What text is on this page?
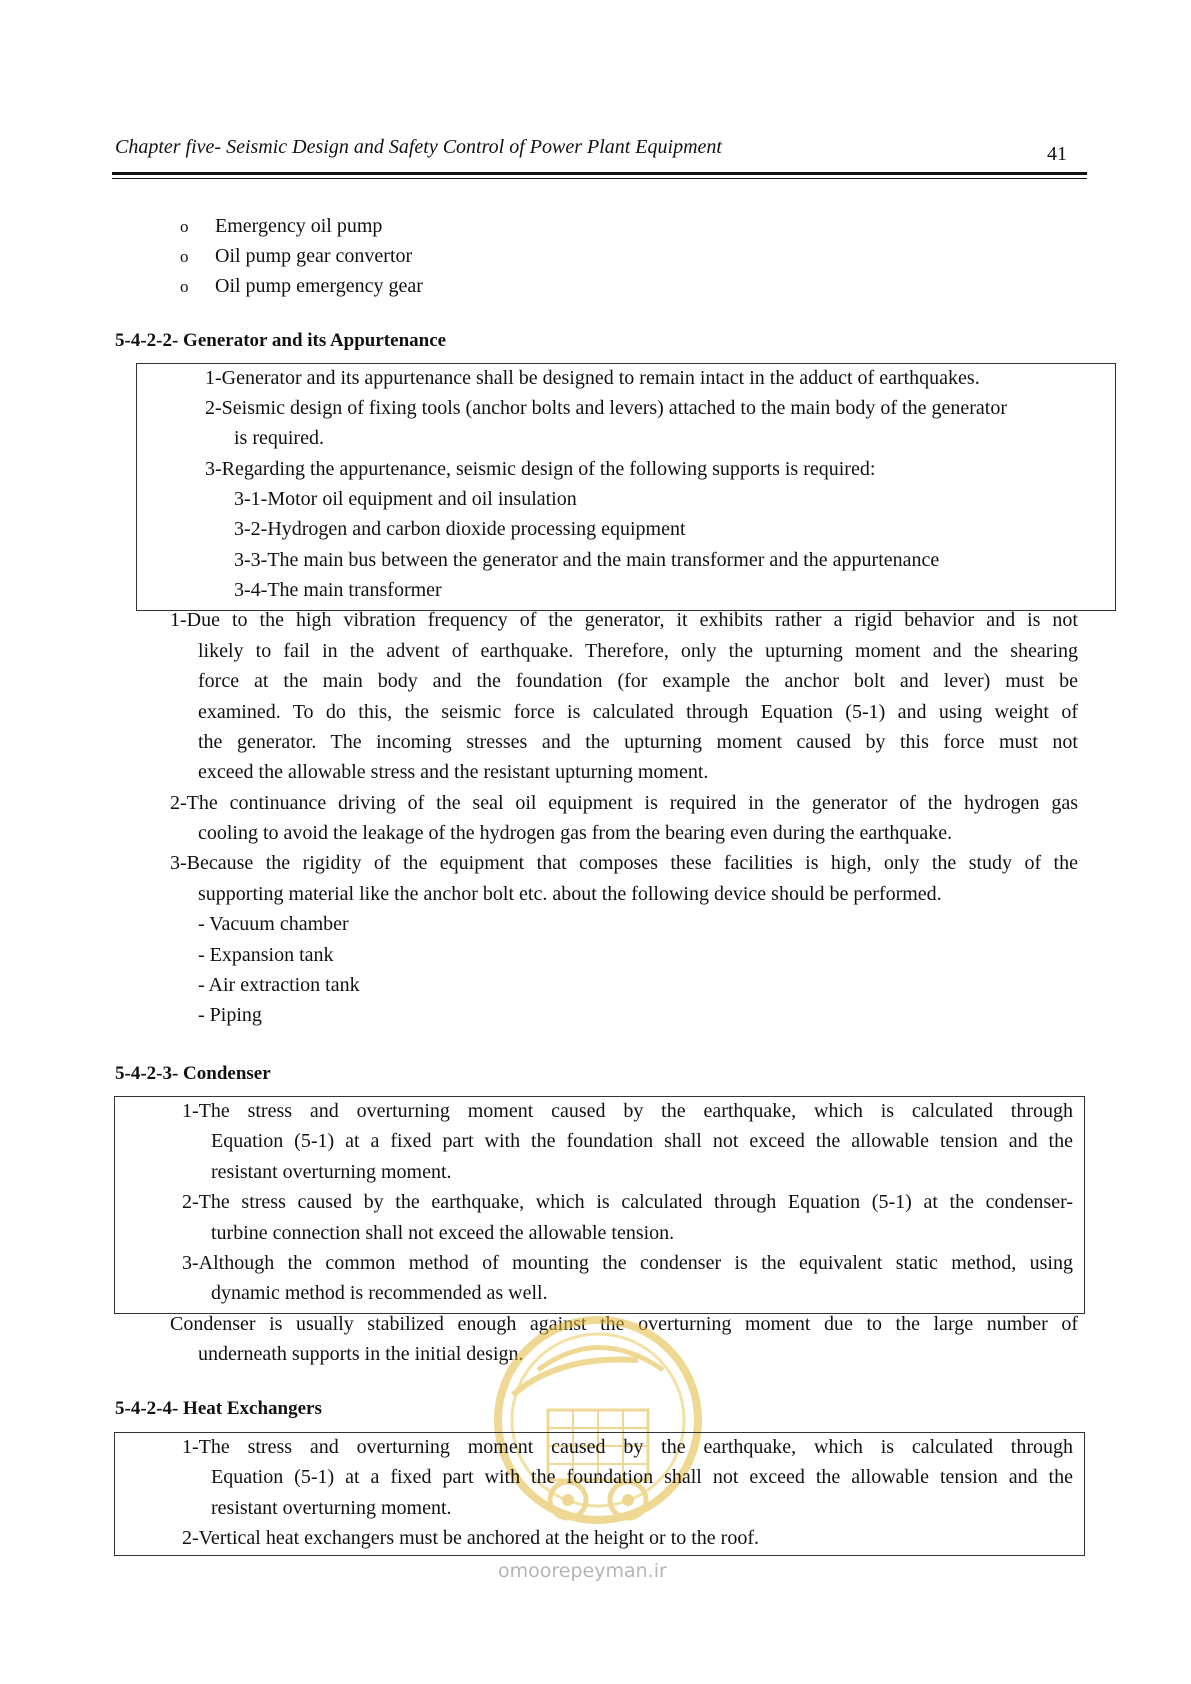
Chapter five- Seismic Design and Safety Control of Power Plant Equipment	41
o Emergency oil pump
o Oil pump gear convertor
o Oil pump emergency gear
5-4-2-2- Generator and its Appurtenance
1-Generator and its appurtenance shall be designed to remain intact in the adduct of earthquakes.
2-Seismic design of fixing tools (anchor bolts and levers) attached to the main body of the generator
is required.
3-Regarding the appurtenance, seismic design of the following supports is required:
3-1-Motor oil equipment and oil insulation
3-2-Hydrogen and carbon dioxide processing equipment
3-3-The main bus between the generator and the main transformer and the appurtenance
3-4-The main transformer
1-Due to the high vibration frequency of the generator, it exhibits rather a rigid behavior and is not
likely to fail in the advent of earthquake. Therefore, only the upturning moment and the shearing
force at the main body and the foundation (for example the anchor bolt and lever) must be
examined. To do this, the seismic force is calculated through Equation (5-1) and using weight of
the generator. The incoming stresses and the upturning moment caused by this force must not
exceed the allowable stress and the resistant upturning moment.
2-The continuance driving of the seal oil equipment is required in the generator of the hydrogen gas
cooling to avoid the leakage of the hydrogen gas from the bearing even during the earthquake.
3-Because the rigidity of the equipment that composes these facilities is high, only the study of the
supporting material like the anchor bolt etc. about the following device should be performed.
- Vacuum chamber
- Expansion tank
- Air extraction tank
- Piping
5-4-2-3- Condenser
1-The stress and overturning moment caused by the earthquake, which is calculated through
Equation (5-1) at a fixed part with the foundation shall not exceed the allowable tension and the
resistant overturning moment.
2-The stress caused by the earthquake, which is calculated through Equation (5-1) at the condenser-
turbine connection shall not exceed the allowable tension.
3-Although the common method of mounting the condenser is the equivalent static method, using
dynamic method is recommended as well.
Condenser is usually stabilized enough against the overturning moment due to the large number of
underneath supports in the initial design.
omoorepeyman.ir
5-4-2-4- Heat Exchangers
1-The stress and overturning moment caused by the earthquake, which is calculated through
Equation (5-1) at a fixed part with the foundation shall not exceed the allowable tension and the
resistant overturning moment.
2-Vertical heat exchangers must be anchored at the height or to the roof.
